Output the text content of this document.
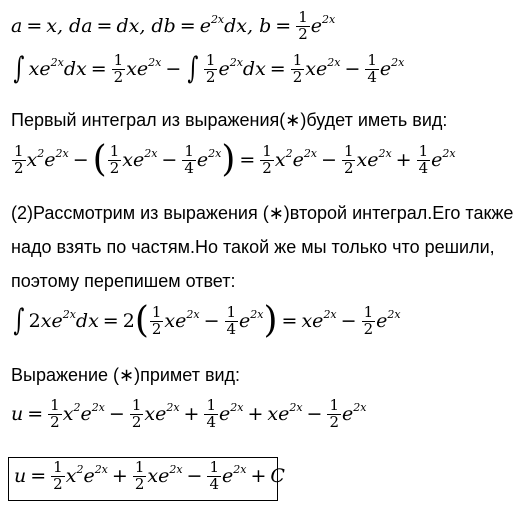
a = x, da = dx, db = $e^{2x}dx$, $b = \frac{1}{2} e^{2x}$
∫ $xe^{2x}dx = \frac{1}{2} xe^{2x}$ − ∫ $\frac{1}{2} e^{2x}dx = \frac{1}{2} xe^{2x} - \frac{1}{4} e^{2x}$
Первый интеграл из выражения(∗)будет иметь вид:
$\frac{1}{2} x^2e^{2x}$ − ( $\frac{1}{2} xe^{2x} - \frac{1}{4} e^{2x}$ ) = $\frac{1}{2} x^2e^{2x} - \frac{1}{2} xe^{2x} + \frac{1}{4} e^{2x}$
(2)Рассмотрим из выражения (∗)второй интеграл.Его также
надо взять по частям.Но такой же мы только что решили,
поэтому перепишем ответ:
∫ $2xe^{2x}dx = 2$ ( $\frac{1}{2} xe^{2x} - \frac{1}{4} e^{2x}$ ) = $xe^{2x} - \frac{1}{2} e^{2x}$
Выражение (∗)примет вид:
$u = \frac{1}{2} x^2e^{2x} - \frac{1}{2} xe^{2x} + \frac{1}{4} e^{2x} + xe^{2x} - \frac{1}{2} e^{2x}$
$u = \frac{1}{2} x^2e^{2x} + \frac{1}{2} xe^{2x} - \frac{1}{4} e^{2x} + C$
